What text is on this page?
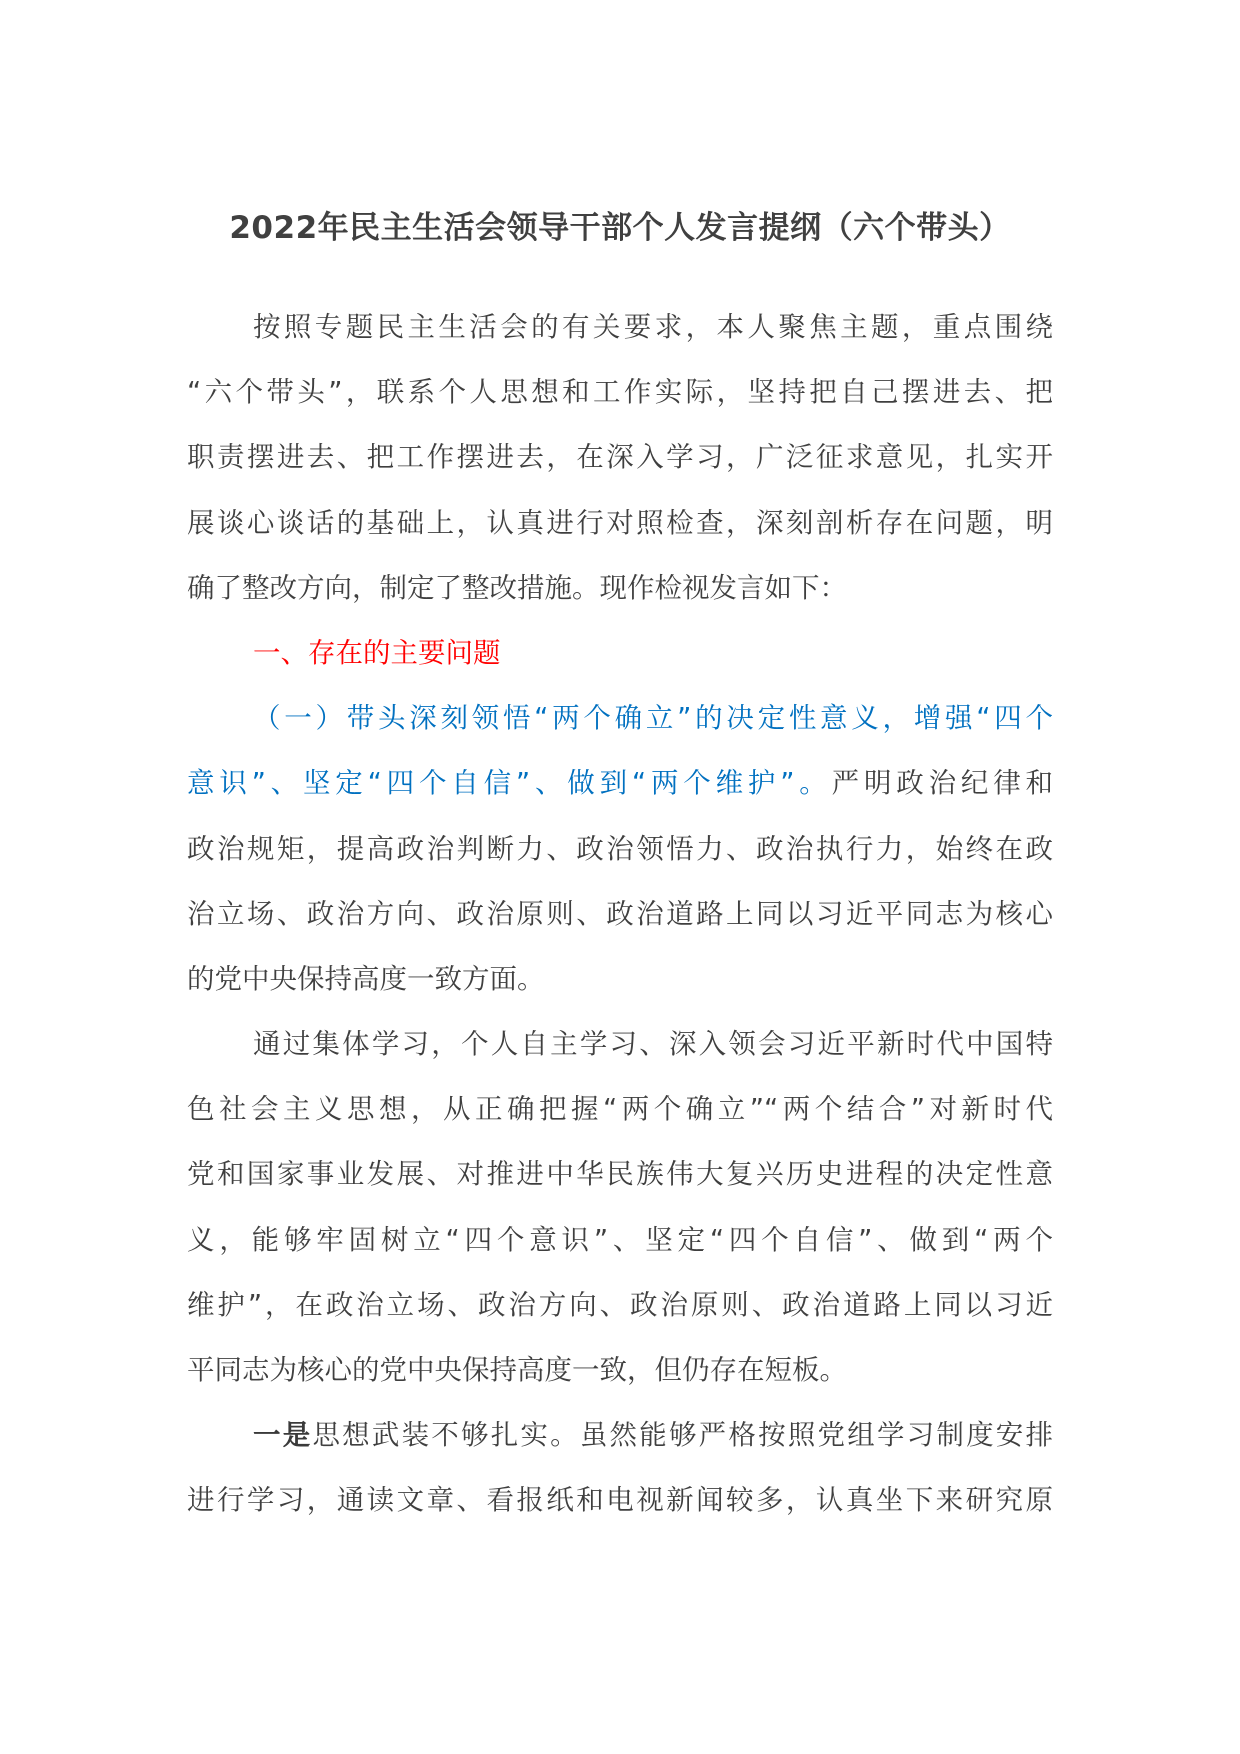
2022年民主生活会领导干部个人发言提纲（六个带头）
按照专题民主生活会的有关要求，本人聚焦主题，重点围绕
“六个带头”，联系个人思想和工作实际，坚持把自己摆进去、把
职责摆进去、把工作摆进去，在深入学习，广泛征求意见，扎实开
展谈心谈话的基础上，认真进行对照检查，深刻剖析存在问题，明
确了整改方向，制定了整改措施。现作检视发言如下：
一、存在的主要问题
（一）带头深刻领悟“两个确立”的决定性意义，增强“四个
意识”、坚定“四个自信”、做到“两个维护”。严明政治纪律和
政治规矩，提高政治判断力、政治领悟力、政治执行力，始终在政
治立场、政治方向、政治原则、政治道路上同以习近平同志为核心
的党中央保持高度一致方面。
通过集体学习，个人自主学习、深入领会习近平新时代中国特
色社会主义思想，从正确把握“两个确立”“两个结合”对新时代
党和国家事业发展、对推进中华民族伟大复兴历史进程的决定性意
义，能够牢固树立“四个意识”、坚定“四个自信”、做到“两个
维护”，在政治立场、政治方向、政治原则、政治道路上同以习近
平同志为核心的党中央保持高度一致，但仍存在短板。
一是思想武装不够扎实。虽然能够严格按照党组学习制度安排
进行学习，通读文章、看报纸和电视新闻较多，认真坐下来研究原
